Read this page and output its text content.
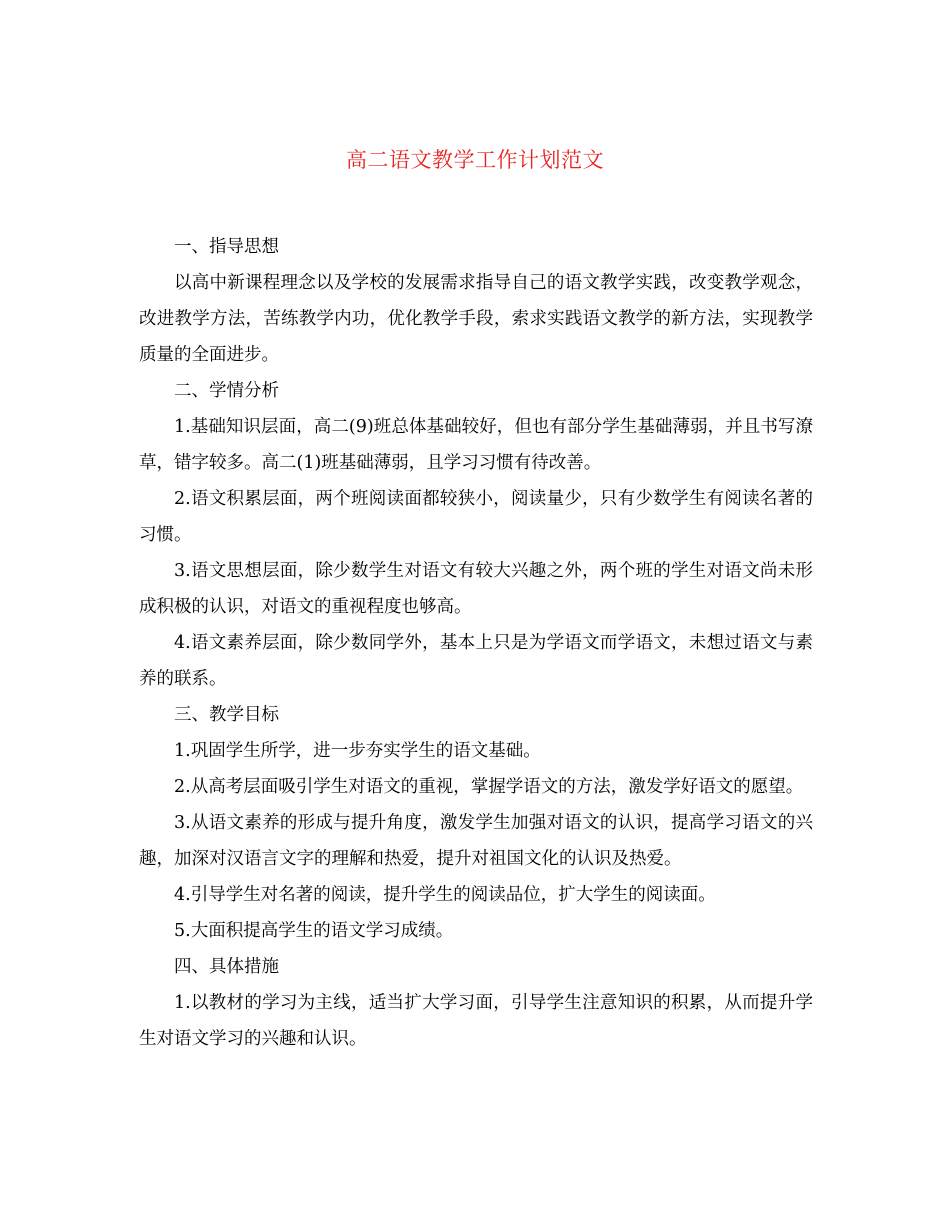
高二语文教学工作计划范文

一、指导思想

以高中新课程理念以及学校的发展需求指导自己的语文教学实践，改变教学观念，改进教学方法，苦练教学内功，优化教学手段，索求实践语文教学的新方法，实现教学质量的全面进步。

二、学情分析

1.基础知识层面，高二(9)班总体基础较好，但也有部分学生基础薄弱，并且书写潦草，错字较多。高二(1)班基础薄弱，且学习习惯有待改善。

2.语文积累层面，两个班阅读面都较狭小，阅读量少，只有少数学生有阅读名著的习惯。

3.语文思想层面，除少数学生对语文有较大兴趣之外，两个班的学生对语文尚未形成积极的认识，对语文的重视程度也够高。

4.语文素养层面，除少数同学外，基本上只是为学语文而学语文，未想过语文与素养的联系。

三、教学目标

1.巩固学生所学，进一步夯实学生的语文基础。

2.从高考层面吸引学生对语文的重视，掌握学语文的方法，激发学好语文的愿望。

3.从语文素养的形成与提升角度，激发学生加强对语文的认识，提高学习语文的兴趣，加深对汉语言文字的理解和热爱，提升对祖国文化的认识及热爱。

4.引导学生对名著的阅读，提升学生的阅读品位，扩大学生的阅读面。

5.大面积提高学生的语文学习成绩。

四、具体措施

1.以教材的学习为主线，适当扩大学习面，引导学生注意知识的积累，从而提升学生对语文学习的兴趣和认识。
